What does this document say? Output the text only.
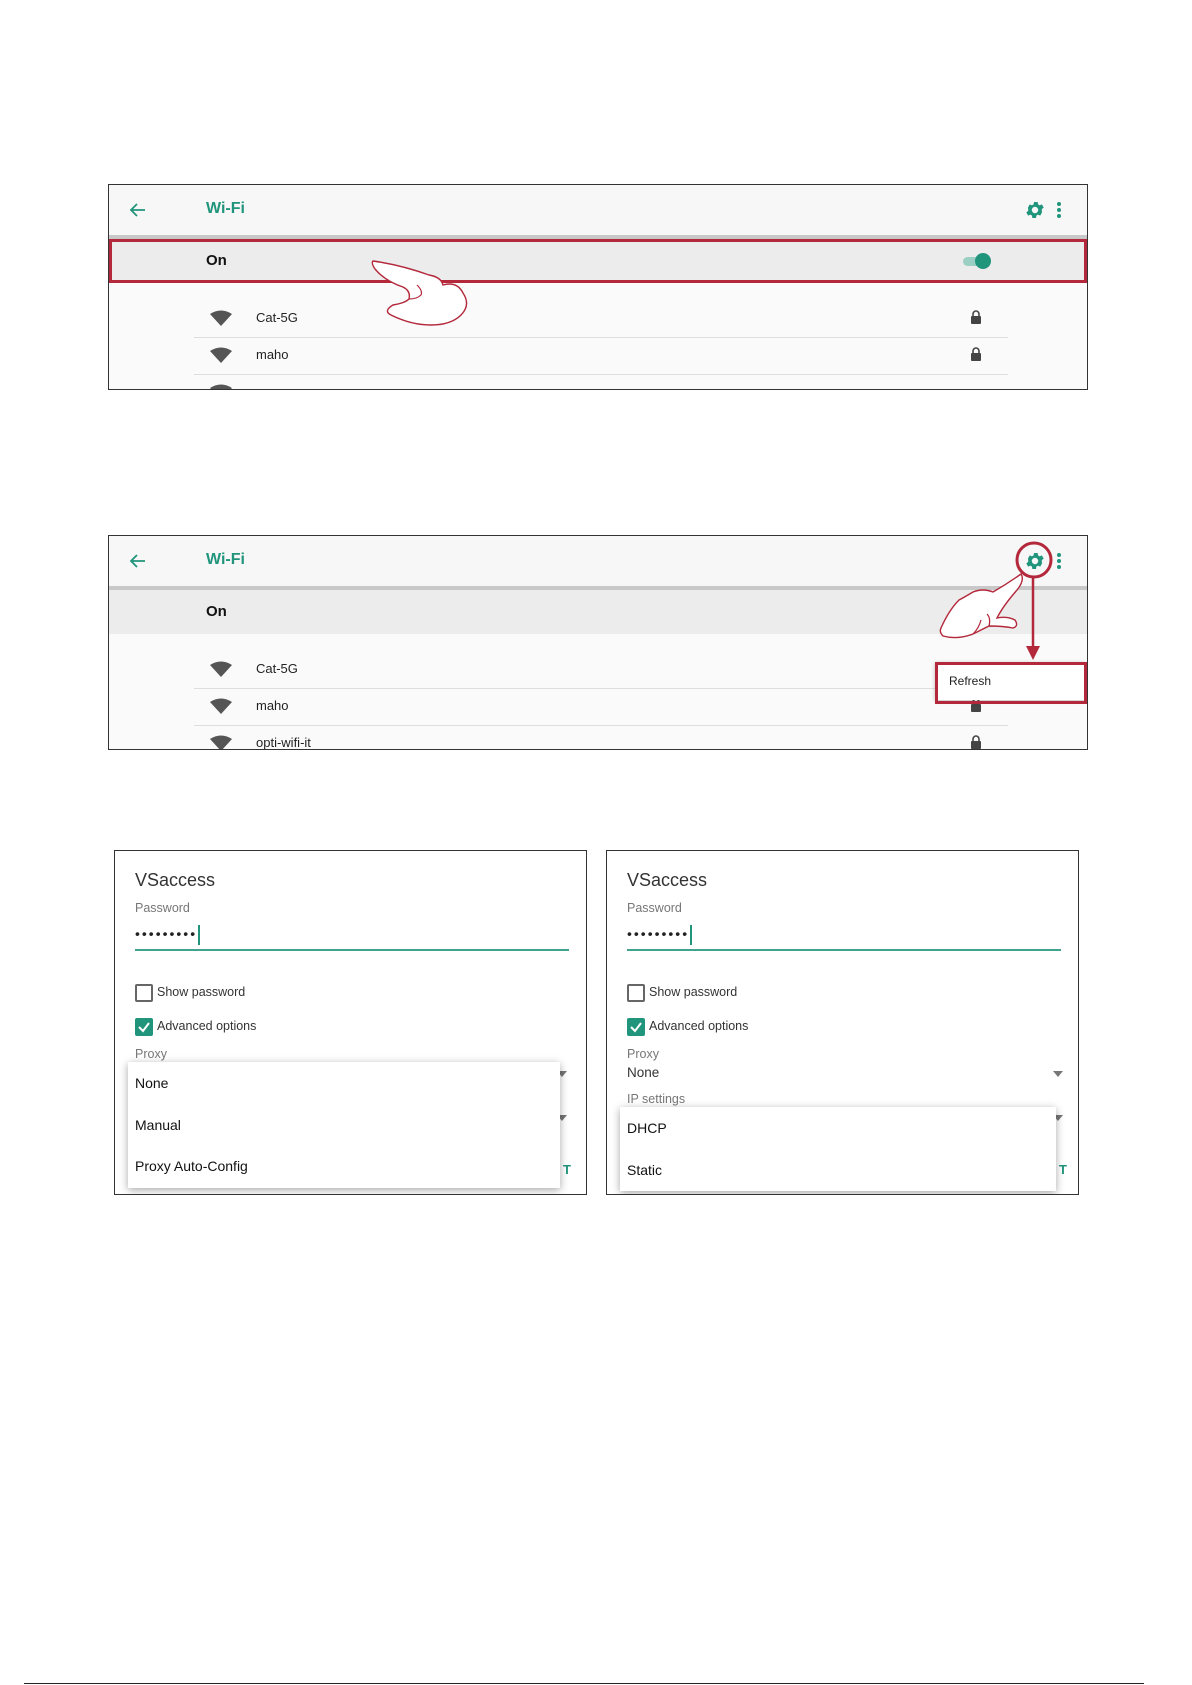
Wi-Fi
On
Cat-5G
maho
Wi-Fi
On
Cat-5G
maho
opti-wifi-it
Refresh
VSaccess
Password
•••••••••
Show password
Advanced options
Proxy
T
None
Manual
Proxy Auto-Config
VSaccess
Password
•••••••••
Show password
Advanced options
Proxy
None
IP settings
T
DHCP
Static
